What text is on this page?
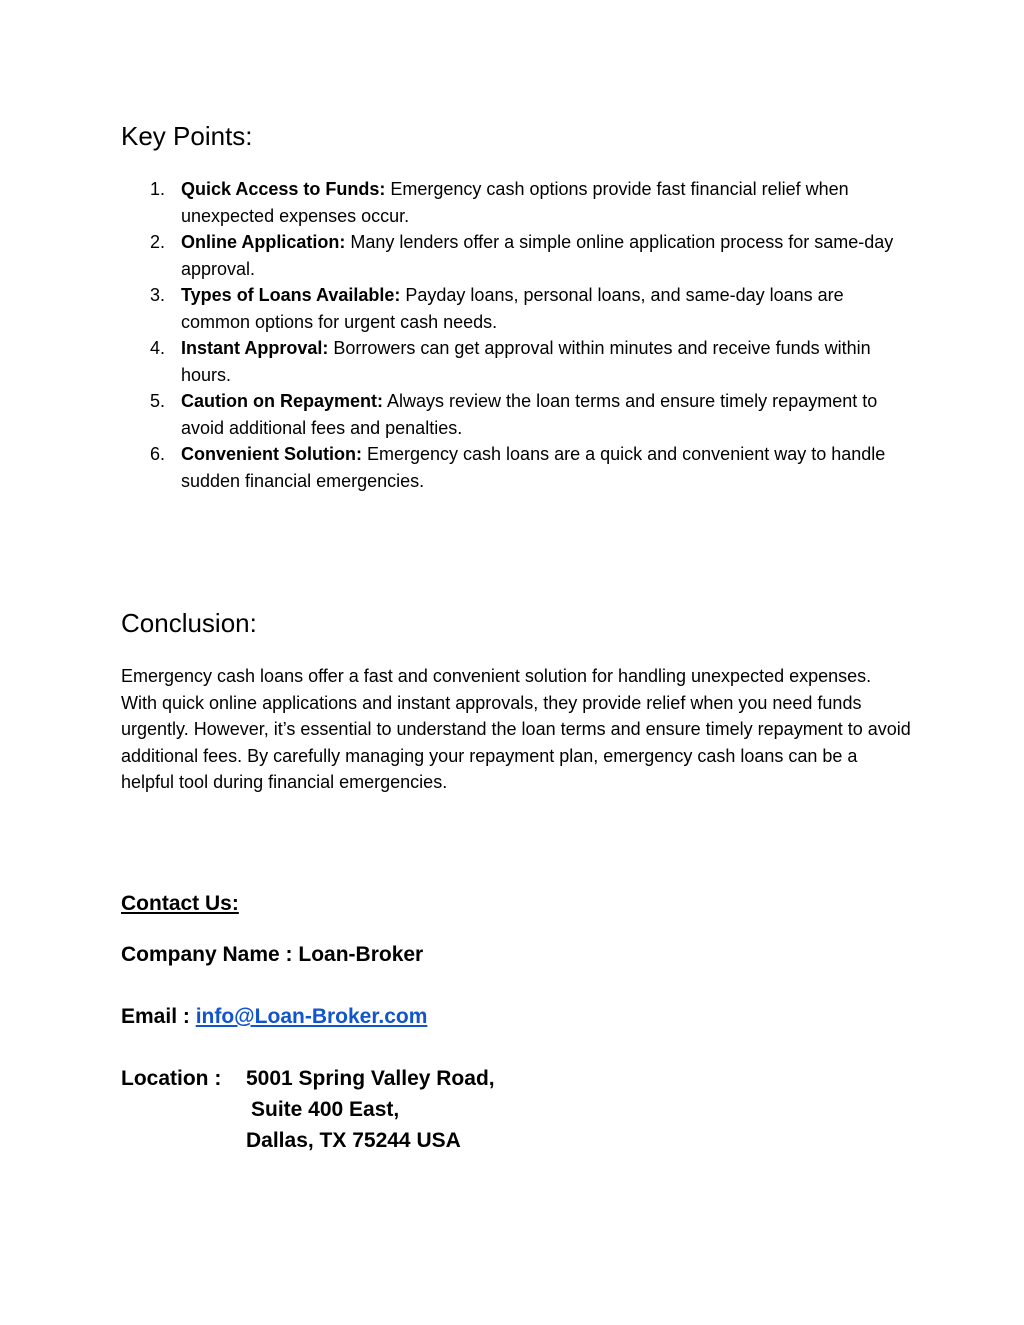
Key Points:
1. Quick Access to Funds: Emergency cash options provide fast financial relief when unexpected expenses occur.
2. Online Application: Many lenders offer a simple online application process for same-day approval.
3. Types of Loans Available: Payday loans, personal loans, and same-day loans are common options for urgent cash needs.
4. Instant Approval: Borrowers can get approval within minutes and receive funds within hours.
5. Caution on Repayment: Always review the loan terms and ensure timely repayment to avoid additional fees and penalties.
6. Convenient Solution: Emergency cash loans are a quick and convenient way to handle sudden financial emergencies.
Conclusion:

Emergency cash loans offer a fast and convenient solution for handling unexpected expenses. With quick online applications and instant approvals, they provide relief when you need funds urgently. However, it’s essential to understand the loan terms and ensure timely repayment to avoid additional fees. By carefully managing your repayment plan, emergency cash loans can be a helpful tool during financial emergencies.

Contact Us:
Company Name : Loan-Broker
Email : info@Loan-Broker.com
Location : 5001 Spring Valley Road,
Suite 400 East,
Dallas, TX 75244 USA
